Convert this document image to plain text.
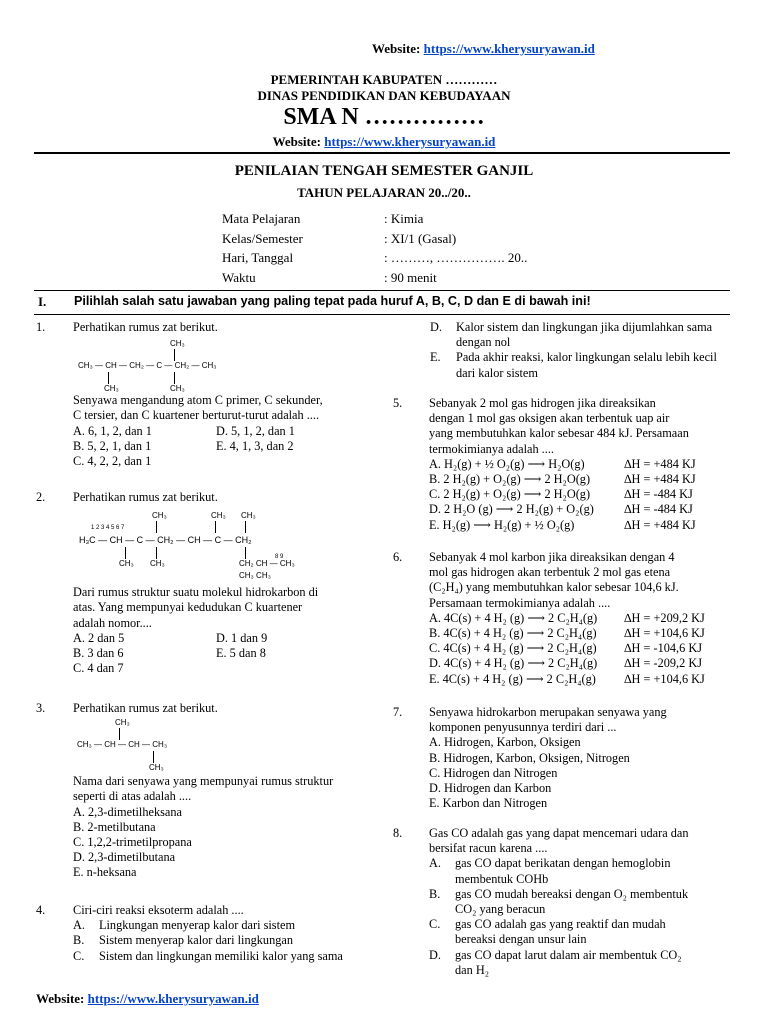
Website: https://www.kherysuryawan.id
PEMERINTAH KABUPATEN …………
DINAS PENDIDIKAN DAN KEBUDAYAAN
SMA N ……………
Website: https://www.kherysuryawan.id
PENILAIAN TENGAH SEMESTER GANJIL
TAHUN PELAJARAN 20../20..
Mata Pelajaran	: Kimia
Kelas/Semester	: XI/1 (Gasal)
Hari, Tanggal	: ………, ……………. 20..
Waktu	: 90 menit
I. Pilihlah salah satu jawaban yang paling tepat pada huruf A, B, C, D dan E di bawah ini!
1. Perhatikan rumus zat berikut.
CH₃
CH₃ — CH — CH₂ — C — CH₂ — CH₃
CH₃	CH₃
Senyawa mengandung atom C primer, C sekunder,
C tersier, dan C kuartener berturut-turut adalah ....
A. 6, 1, 2, dan 1	D. 5, 1, 2, dan 1
B. 5, 2, 1, dan 1	E. 4, 1, 3, dan 2
C. 4, 2, 2, dan 1
2. Perhatikan rumus zat berikut.
CH₃	CH₃ CH₃
1 2 3 4 5 6 7
H₃C — CH — C — CH₂ — CH — C — CH₂
CH₃ CH₃	CH₂ CH — CH₃
8 9
CH₃ CH₃
Dari rumus struktur suatu molekul hidrokarbon di
atas. Yang mempunyai kedudukan C kuartener
adalah nomor....
A. 2 dan 5	D. 1 dan 9
B. 3 dan 6	E. 5 dan 8
C. 4 dan 7
3. Perhatikan rumus zat berikut.
CH₃
CH₃ — CH — CH — CH₃
CH₃
Nama dari senyawa yang mempunyai rumus struktur
seperti di atas adalah ....
A. 2,3-dimetilheksana
B. 2-metilbutana
C. 1,2,2-trimetilpropana
D. 2,3-dimetilbutana
E. n-heksana
4. Ciri-ciri reaksi eksoterm adalah ....
A.	Lingkungan menyerap kalor dari sistem
B.	Sistem menyerap kalor dari lingkungan
C.	Sistem dan lingkungan memiliki kalor yang sama
D.	Kalor sistem dan lingkungan jika dijumlahkan sama dengan nol
E.	Pada akhir reaksi, kalor lingkungan selalu lebih kecil dari kalor sistem
5. Sebanyak 2 mol gas hidrogen jika direaksikan
dengan 1 mol gas oksigen akan terbentuk uap air
yang membutuhkan kalor sebesar 484 kJ. Persamaan
termokimianya adalah ....
A. H₂(g) + ½ O₂(g) ⟶ H₂O(g)	∆H = +484 KJ
B. 2 H₂(g) + O₂(g) ⟶ 2 H₂O(g)	∆H = +484 KJ
C. 2 H₂(g) + O₂(g) ⟶ 2 H₂O(g)	∆H = -484 KJ
D. 2 H₂O (g) ⟶ 2 H₂(g) + O₂(g) ∆H = -484 KJ
E. H₂(g) ⟶ H₂(g) + ½ O₂(g)	∆H = +484 KJ
6. Sebanyak 4 mol karbon jika direaksikan dengan 4
mol gas hidrogen akan terbentuk 2 mol gas etena
(C₂H₄) yang membutuhkan kalor sebesar 104,6 kJ.
Persamaan termokimianya adalah ....
A. 4C(s) + 4 H₂ (g) ⟶ 2 C₂H₄(g) ∆H = +209,2 KJ
B. 4C(s) + 4 H₂ (g) ⟶ 2 C₂H₄(g) ∆H = +104,6 KJ
C. 4C(s) + 4 H₂ (g) ⟶ 2 C₂H₄(g) ∆H = -104,6 KJ
D. 4C(s) + 4 H₂ (g) ⟶ 2 C₂H₄(g) ∆H = -209,2 KJ
E. 4C(s) + 4 H₂ (g) ⟶ 2 C₂H₄(g) ∆H = +104,6 KJ
7. Senyawa hidrokarbon merupakan senyawa yang
komponen penyusunnya terdiri dari ...
A. Hidrogen, Karbon, Oksigen
B. Hidrogen, Karbon, Oksigen, Nitrogen
C. Hidrogen dan Nitrogen
D. Hidrogen dan Karbon
E. Karbon dan Nitrogen
8. Gas CO adalah gas yang dapat mencemari udara dan
bersifat racun karena ....
A.	gas CO dapat berikatan dengan hemoglobin
membentuk COHb
B.	gas CO mudah bereaksi dengan O₂ membentuk
CO₂ yang beracun
C.	gas CO adalah gas yang reaktif dan mudah
bereaksi dengan unsur lain
D.	gas CO dapat larut dalam air membentuk CO₂
dan H₂
Website: https://www.kherysuryawan.id
